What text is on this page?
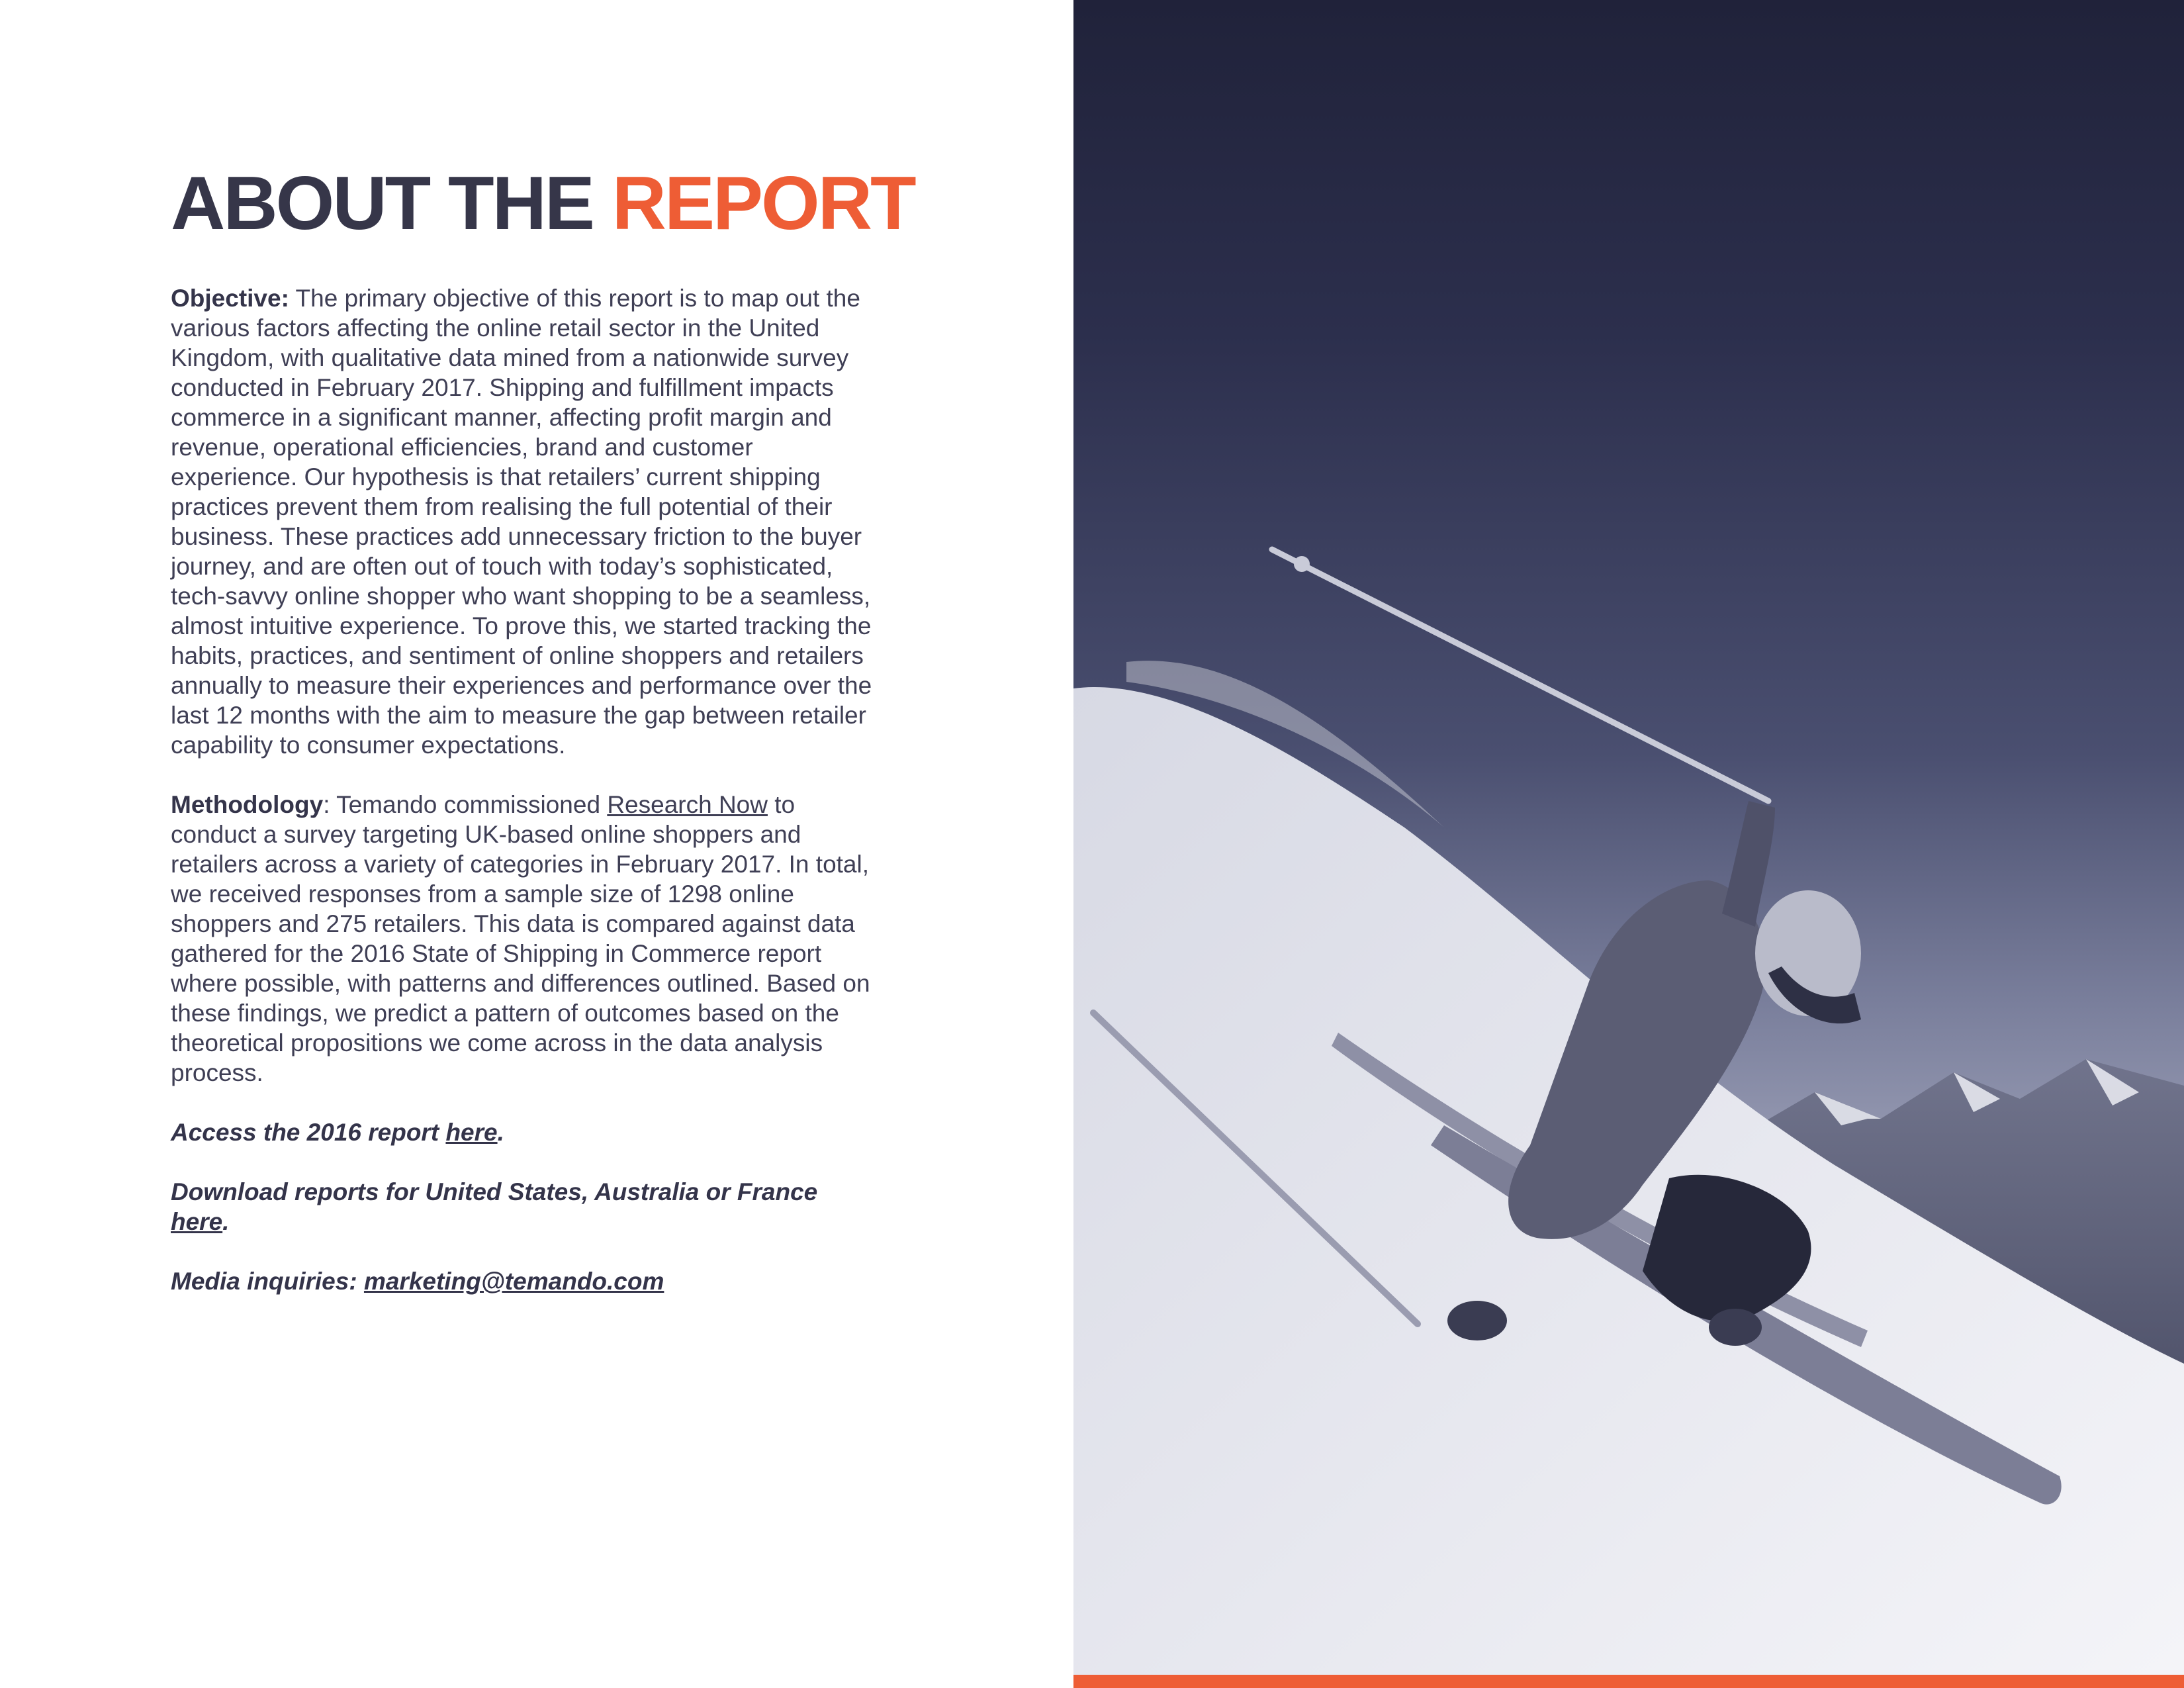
ABOUT THE REPORT

Objective: The primary objective of this report is to map out the various factors affecting the online retail sector in the United Kingdom, with qualitative data mined from a nationwide survey conducted in February 2017. Shipping and fulfillment impacts commerce in a significant manner, affecting profit margin and revenue, operational efficiencies, brand and customer experience. Our hypothesis is that retailers’ current shipping practices prevent them from realising the full potential of their business. These practices add unnecessary friction to the buyer journey, and are often out of touch with today’s sophisticated, tech-savvy online shopper who want shopping to be a seamless, almost intuitive experience. To prove this, we started tracking the habits, practices, and sentiment of online shoppers and retailers annually to measure their experiences and performance over the last 12 months with the aim to measure the gap between retailer capability to consumer expectations.

Methodology: Temando commissioned Research Now to conduct a survey targeting UK-based online shoppers and retailers across a variety of categories in February 2017. In total, we received responses from a sample size of 1298 online shoppers and 275 retailers. This data is compared against data gathered for the 2016 State of Shipping in Commerce report where possible, with patterns and differences outlined. Based on these findings, we predict a pattern of outcomes based on the theoretical propositions we come across in the data analysis process.

Access the 2016 report here.

Download reports for United States, Australia or France here.

Media inquiries: marketing@temando.com
